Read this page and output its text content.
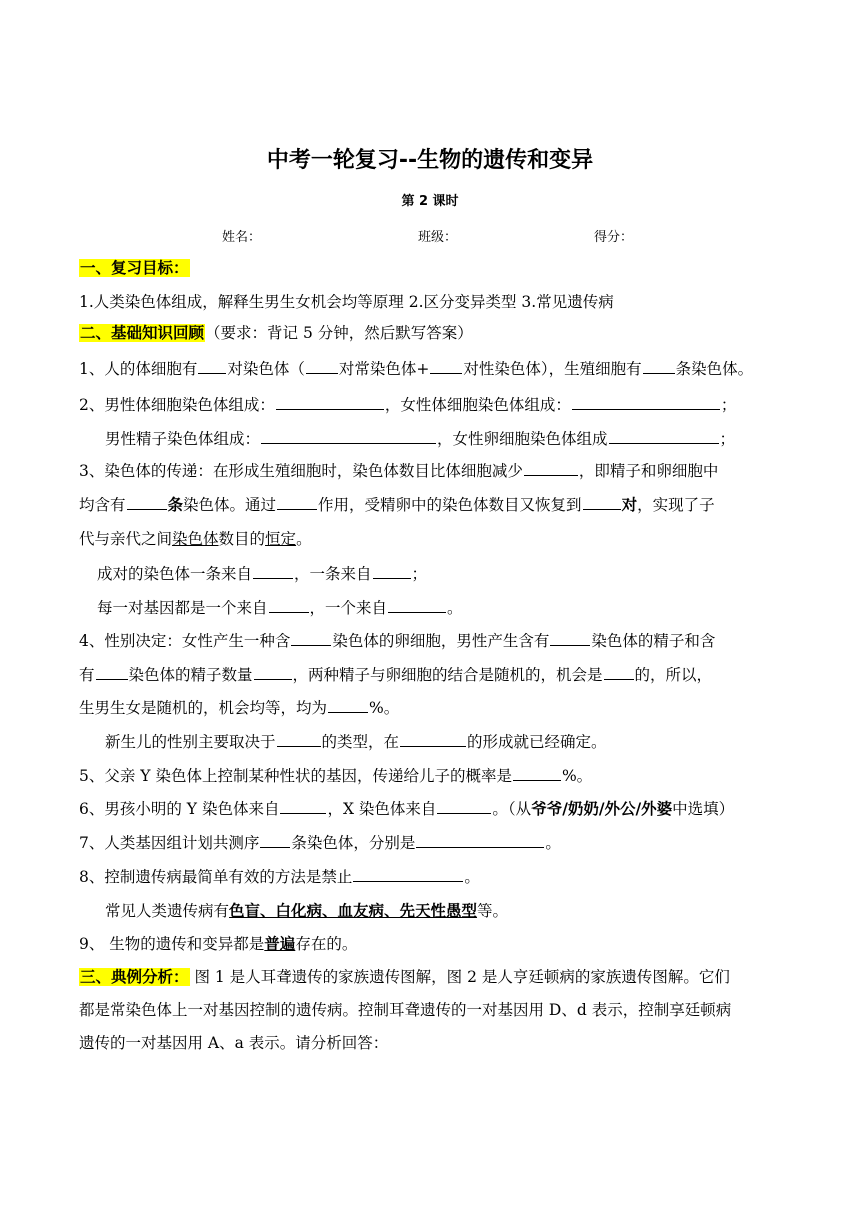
中考一轮复习--生物的遗传和变异
第 2 课时
姓名：	班级：	得分：
一、复习目标：
1.人类染色体组成，解释生男生女机会均等原理 2.区分变异类型 3.常见遗传病
二、基础知识回顾（要求：背记 5 分钟，然后默写答案）
1、人的体细胞有 对染色体（ 对常染色体+ 对性染色体），生殖细胞有 条染色体。
2、男性体细胞染色体组成：	，女性体细胞染色体组成：	；
男性精子染色体组成：	，女性卵细胞染色体组成	；
3、染色体的传递：在形成生殖细胞时，染色体数目比体细胞减少	，即精子和卵细胞中
均含有	条染色体。通过	作用，受精卵中的染色体数目又恢复到	对，实现了子
代与亲代之间染色体数目的恒定。
成对的染色体一条来自	，一条来自	；
每一对基因都是一个来自	，一个来自	。
4、性别决定：女性产生一种含	染色体的卵细胞，男性产生含有	染色体的精子和含
有 染色体的精子数量	，两种精子与卵细胞的结合是随机的，机会是 的，所以，
生男生女是随机的，机会均等，均为	%。
新生儿的性别主要取决于	的类型，在	的形成就已经确定。
5、父亲 Y 染色体上控制某种性状的基因，传递给儿子的概率是	%。
6、男孩小明的 Y 染色体来自	，X 染色体来自	。（从爷爷/奶奶/外公/外婆中选填）
7、人类基因组计划共测序 条染色体，分别是	。
8、控制遗传病最简单有效的方法是禁止	。
常见人类遗传病有色盲、白化病、血友病、先天性愚型等。
9、 生物的遗传和变异都是普遍存在的。
三、典例分析： 图 1 是人耳聋遗传的家族遗传图解，图 2 是人亨廷顿病的家族遗传图解。它们
都是常染色体上一对基因控制的遗传病。控制耳聋遗传的一对基因用 D、d 表示，控制享廷顿病
遗传的一对基因用 A、a 表示。请分析回答：
